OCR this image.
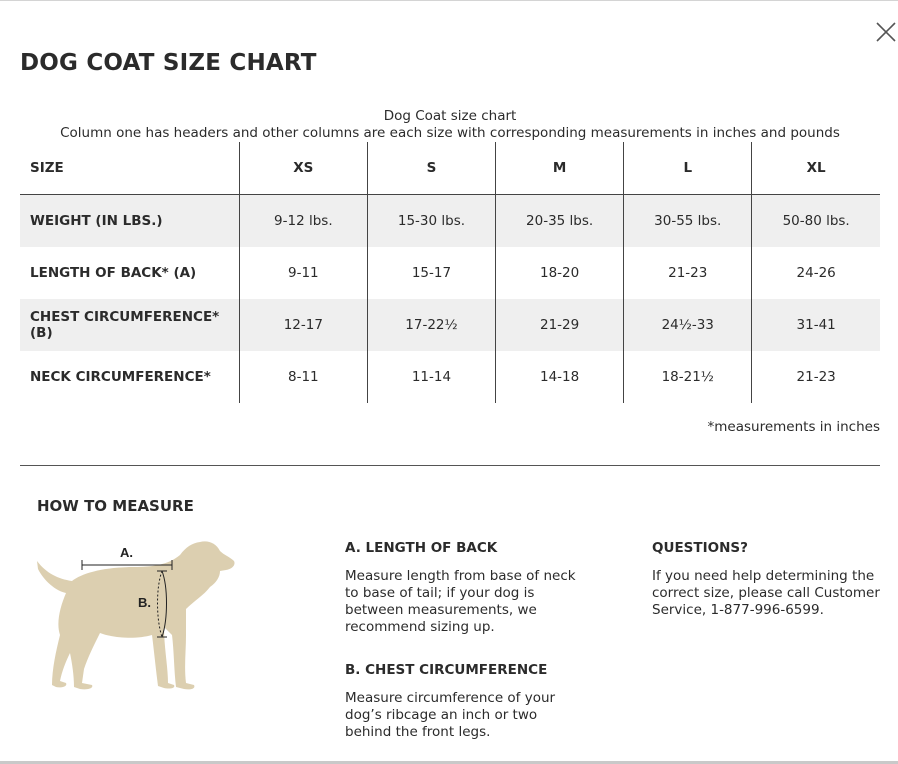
DOG COAT SIZE CHART
Dog Coat size chart
Column one has headers and other columns are each size with corresponding measurements in inches and pounds
SIZE	XS	S	M	L	XL
WEIGHT (IN LBS.)	9-12 lbs.	15-30 lbs.	20-35 lbs.	30-55 lbs.	50-80 lbs.
LENGTH OF BACK* (A)	9-11	15-17	18-20	21-23	24-26
CHEST CIRCUMFERENCE* (B)	12-17	17-22½	21-29	24½-33	31-41
NECK CIRCUMFERENCE*	8-11	11-14	14-18	18-21½	21-23
*measurements in inches
HOW TO MEASURE
A.
B.
A. LENGTH OF BACK

Measure length from base of neck to base of tail; if your dog is between measurements, we recommend sizing up.

B. CHEST CIRCUMFERENCE

Measure circumference of your dog’s ribcage an inch or two behind the front legs.

QUESTIONS?

If you need help determining the correct size, please call Customer Service, 1-877-996-6599.
